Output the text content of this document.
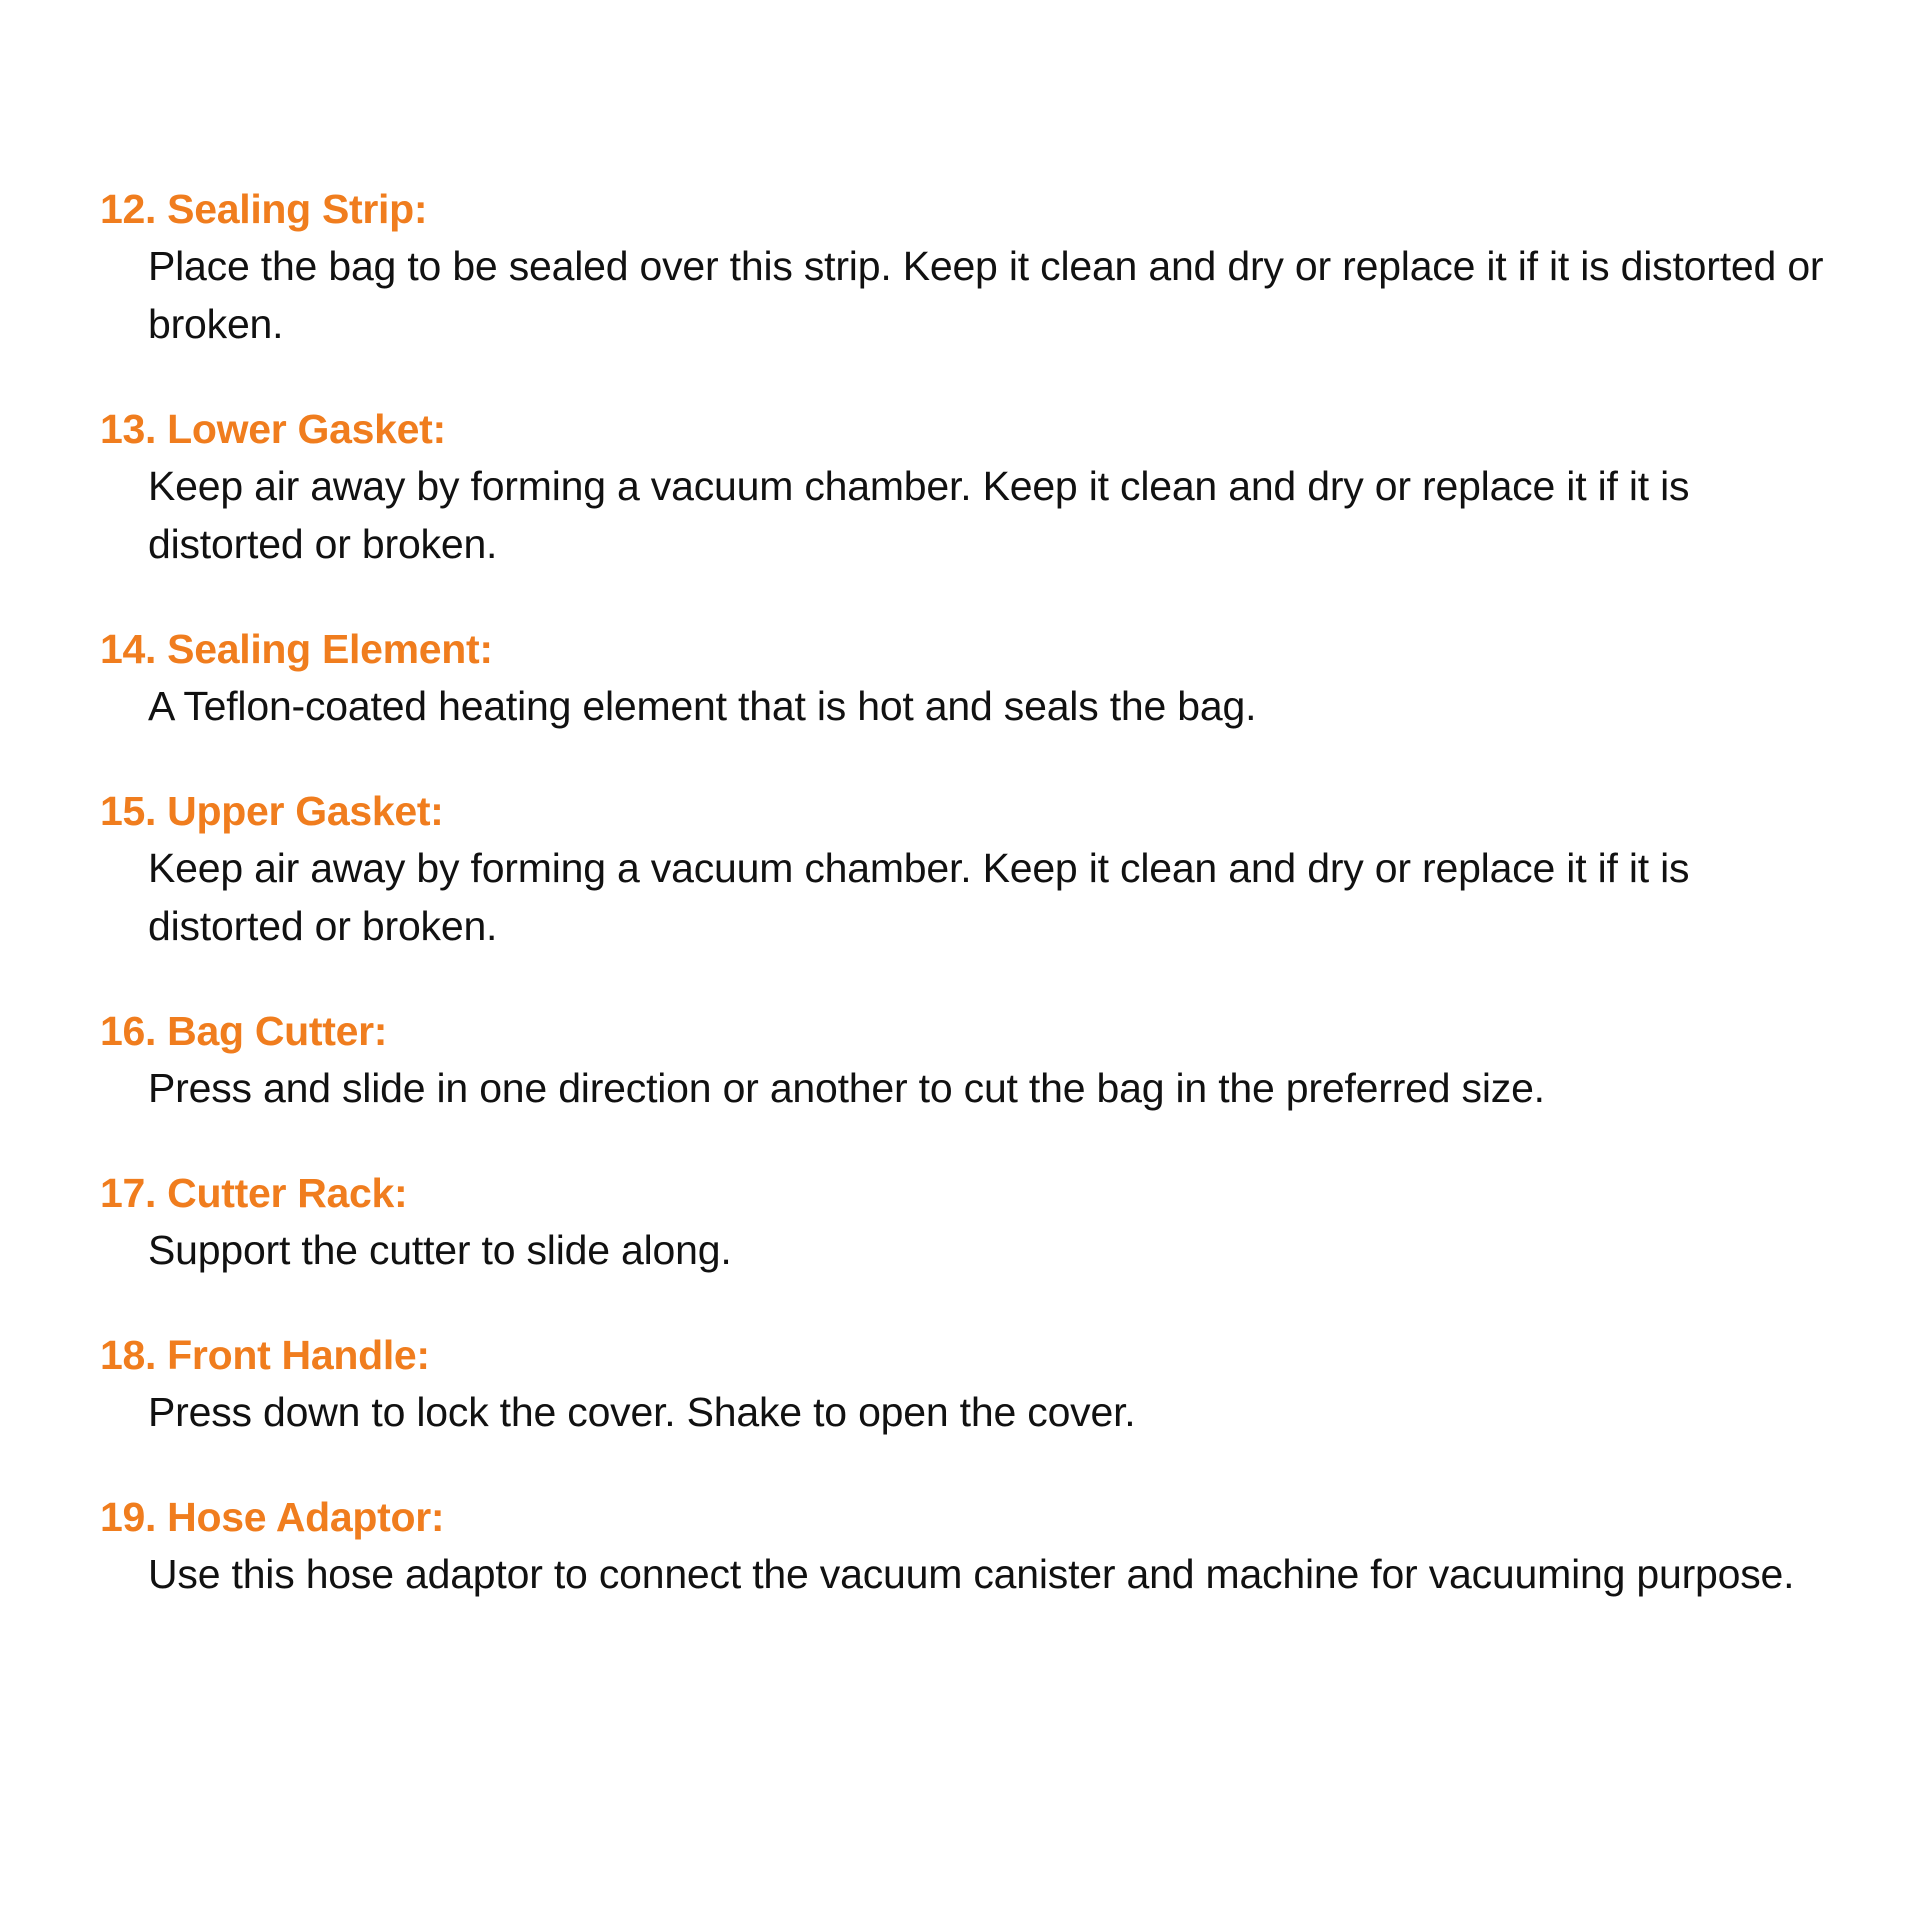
12. Sealing Strip:
Place the bag to be sealed over this strip. Keep it clean and dry or replace it if it is distorted or broken.
13. Lower Gasket:
Keep air away by forming a vacuum chamber. Keep it clean and dry or replace it if it is distorted or broken.
14. Sealing Element:
A Teflon-coated heating element that is hot and seals the bag.
15. Upper Gasket:
Keep air away by forming a vacuum chamber. Keep it clean and dry or replace it if it is distorted or broken.
16. Bag Cutter:
Press and slide in one direction or another to cut the bag in the preferred size.
17. Cutter Rack:
Support the cutter to slide along.
18. Front Handle:
Press down to lock the cover. Shake to open the cover.
19. Hose Adaptor:
Use this hose adaptor to connect the vacuum canister and machine for vacuuming purpose.
